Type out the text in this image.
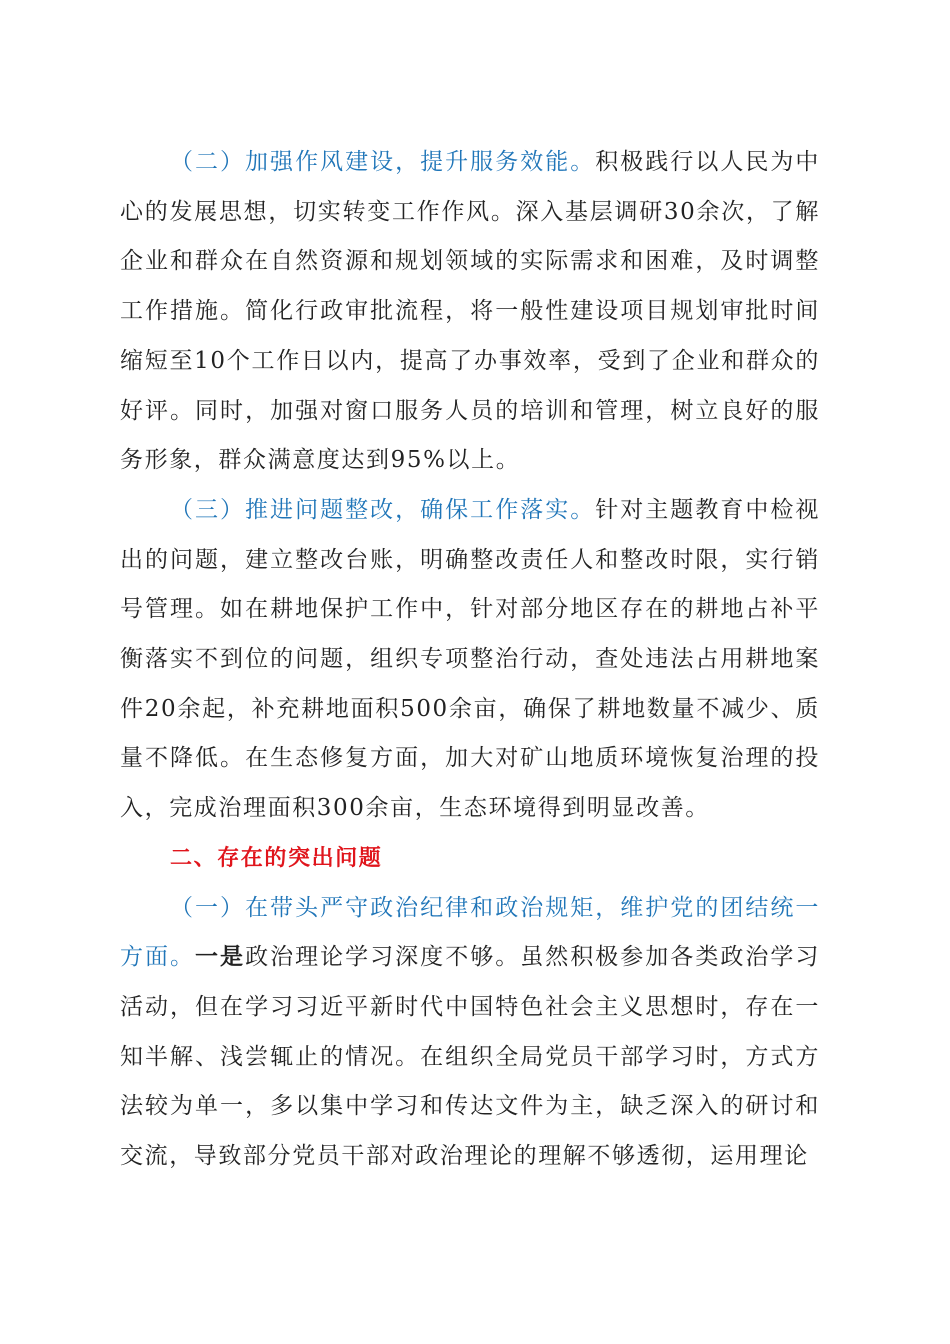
（二）加强作风建设，提升服务效能。积极践行以人民为中心的发展思想，切实转变工作作风。深入基层调研30余次，了解企业和群众在自然资源和规划领域的实际需求和困难，及时调整工作措施。简化行政审批流程，将一般性建设项目规划审批时间缩短至10个工作日以内，提高了办事效率，受到了企业和群众的好评。同时，加强对窗口服务人员的培训和管理，树立良好的服务形象，群众满意度达到95%以上。

（三）推进问题整改，确保工作落实。针对主题教育中检视出的问题，建立整改台账，明确整改责任人和整改时限，实行销号管理。如在耕地保护工作中，针对部分地区存在的耕地占补平衡落实不到位的问题，组织专项整治行动，查处违法占用耕地案件20余起，补充耕地面积500余亩，确保了耕地数量不减少、质量不降低。在生态修复方面，加大对矿山地质环境恢复治理的投入，完成治理面积300余亩，生态环境得到明显改善。

二、存在的突出问题

（一）在带头严守政治纪律和政治规矩，维护党的团结统一方面。一是政治理论学习深度不够。虽然积极参加各类政治学习活动，但在学习习近平新时代中国特色社会主义思想时，存在一知半解、浅尝辄止的情况。在组织全局党员干部学习时，方式方法较为单一，多以集中学习和传达文件为主，缺乏深入的研讨和交流，导致部分党员干部对政治理论的理解不够透彻，运用理论
